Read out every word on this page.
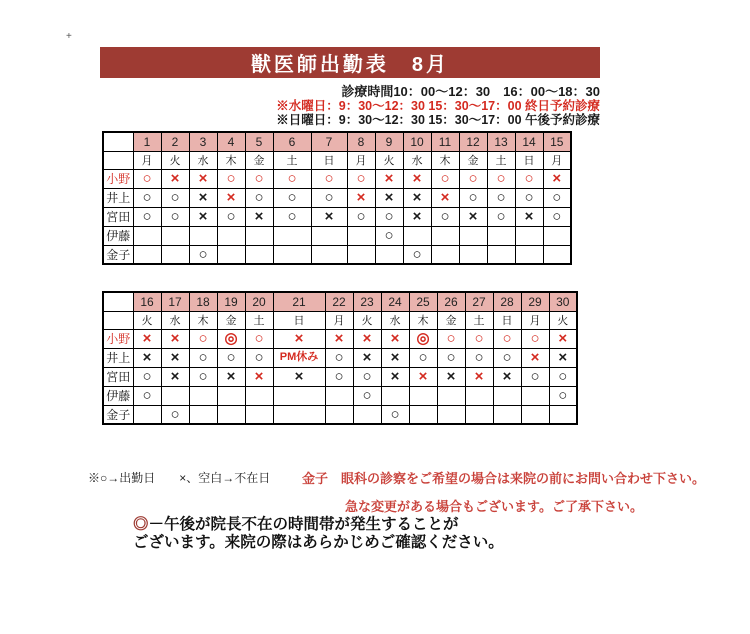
+
獣医師出勤表　8月
診療時間10：00～12：30　16：00～18：30
※水曜日：9：30～12：30 15：30～17：00 終日予約診療
※日曜日：9：30～12：30 15：30～17：00 午後予約診療
	1	2	3	4	5	6	7	8	9	10	11	12	13	14	15
	月	火	水	木	金	土	日	月	火	水	木	金	土	日	月
小野	○	×	×	○	○	○	○	○	×	×	○	○	○	○	×
井上	○	○	×	×	○	○	○	×	×	×	×	○	○	○	○
宮田	○	○	×	○	×	○	×	○	○	×	○	×	○	×	○
伊藤									○						
金子			○							○					
	16	17	18	19	20	21	22	23	24	25	26	27	28	29	30
	火	水	木	金	土	日	月	火	水	木	金	土	日	月	火
小野	×	×	○	◎	○	×	×	×	×	◎	○	○	○	○	×
井上	×	×	○	○	○	PM休み	○	×	×	○	○	○	○	×	×
宮田	○	×	○	×	×	×	○	○	×	×	×	×	×	○	○
伊藤	○							○							○
金子		○							○						
※○→出勤日　　×、空白→不在日 金子　眼科の診察をご希望の場合は来院の前にお問い合わせ下さい。
急な変更がある場合もございます。ご了承下さい。
◎－午後が院長不在の時間帯が発生することが
ございます。来院の際はあらかじめご確認ください。
